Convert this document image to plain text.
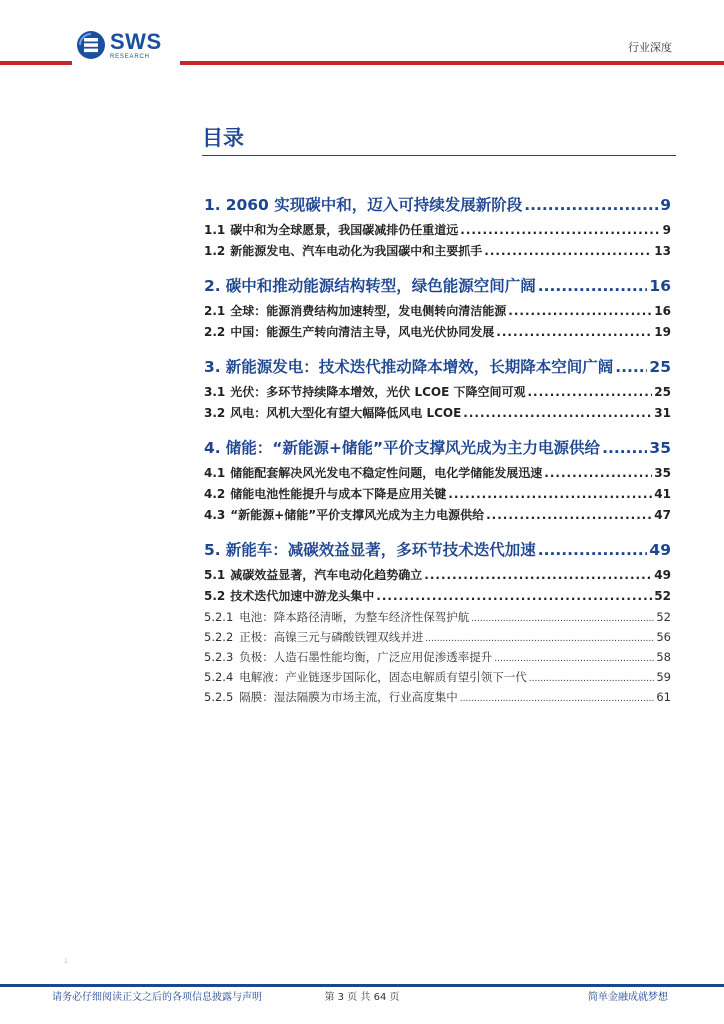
SWS
RESEARCH
行业深度
目录
1. 2060 实现碳中和，迈入可持续发展新阶段 .....	9
1.1 碳中和为全球愿景，我国碳减排仍任重道远 .....	9
1.2 新能源发电、汽车电动化为我国碳中和主要抓手 .....	13
2. 碳中和推动能源结构转型，绿色能源空间广阔 .....	16
2.1 全球：能源消费结构加速转型，发电侧转向清洁能源 .....	16
2.2 中国：能源生产转向清洁主导，风电光伏协同发展 .....	19
3. 新能源发电：技术迭代推动降本增效，长期降本空间广阔 ..... 25
3.1 光伏：多环节持续降本增效，光伏 LCOE 下降空间可观 .....	25
3.2 风电：风机大型化有望大幅降低风电 LCOE .....	31
4. 储能：“新能源+储能”平价支撑风光成为主力电源供给 .....	35
4.1 储能配套解决风光发电不稳定性问题，电化学储能发展迅速 .....	35
4.2 储能电池性能提升与成本下降是应用关键 .....	41
4.3 “新能源+储能”平价支撑风光成为主力电源供给 .....	47
5. 新能车：减碳效益显著，多环节技术迭代加速 .....	49
5.1 减碳效益显著，汽车电动化趋势确立 .....	49
5.2 技术迭代加速中游龙头集中 .....	52
5.2.1 电池：降本路径清晰，为整车经济性保驾护航 .....	52
5.2.2 正极：高镍三元与磷酸铁锂双线并进 .....	56
5.2.3 负极：人造石墨性能均衡，广泛应用促渗透率提升 .....	58
5.2.4 电解液：产业链逐步国际化，固态电解质有望引领下一代 .....	59
5.2.5 隔膜：湿法隔膜为市场主流，行业高度集中 .....	61
1
请务必仔细阅读正文之后的各项信息披露与声明	第 3 页 共 64 页	简单金融成就梦想
